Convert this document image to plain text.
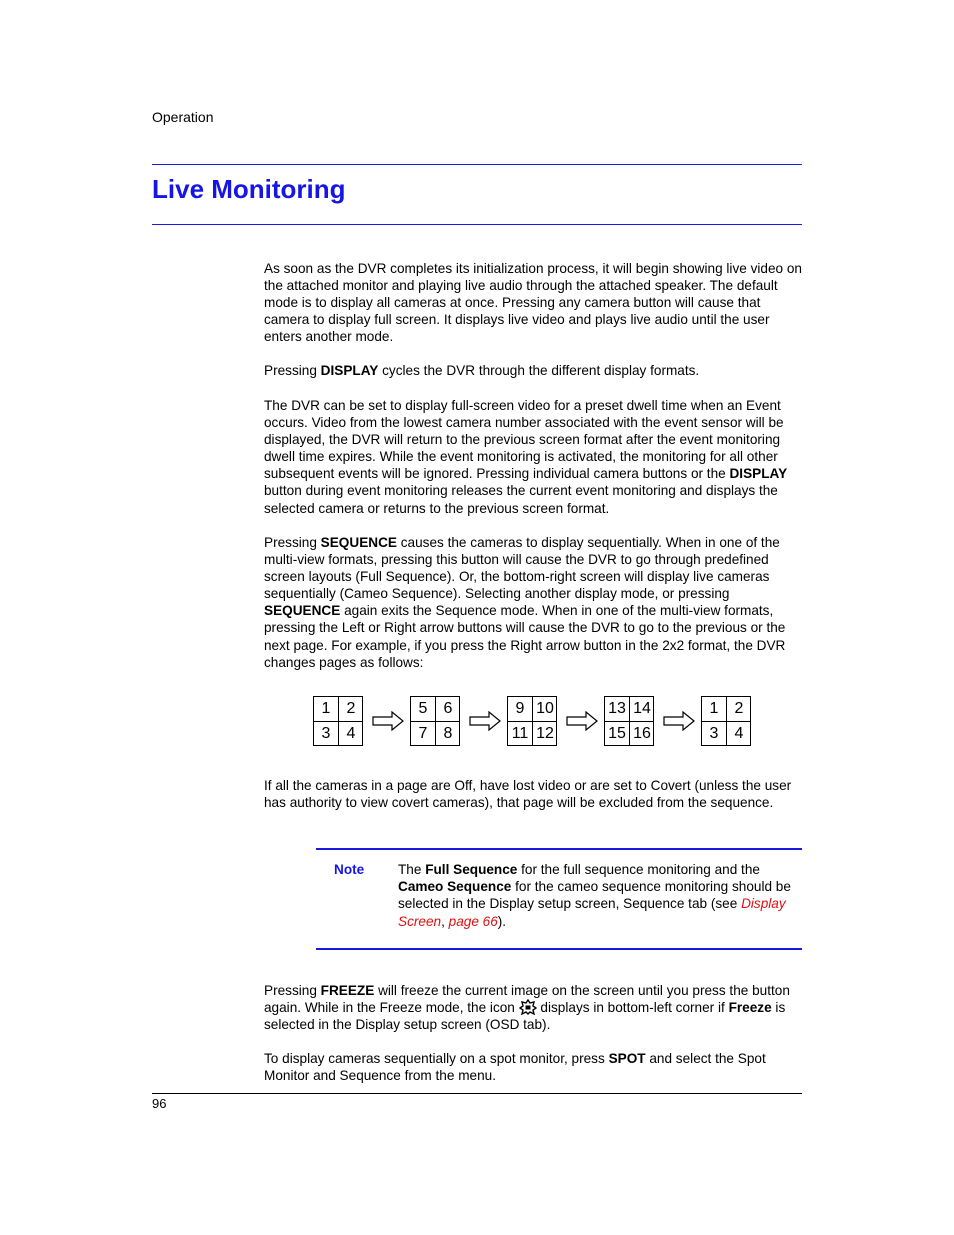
Operation
Live Monitoring

As soon as the DVR completes its initialization process, it will begin showing live video on the attached monitor and playing live audio through the attached speaker. The default mode is to display all cameras at once. Pressing any camera button will cause that camera to display full screen. It displays live video and plays live audio until the user enters another mode.

Pressing DISPLAY cycles the DVR through the different display formats.

The DVR can be set to display full-screen video for a preset dwell time when an Event occurs. Video from the lowest camera number associated with the event sensor will be displayed, the DVR will return to the previous screen format after the event monitoring dwell time expires. While the event monitoring is activated, the monitoring for all other subsequent events will be ignored. Pressing individual camera buttons or the DISPLAY button during event monitoring releases the current event monitoring and displays the selected camera or returns to the previous screen format.

Pressing SEQUENCE causes the cameras to display sequentially. When in one of the multi-view formats, pressing this button will cause the DVR to go through predefined screen layouts (Full Sequence). Or, the bottom-right screen will display live cameras sequentially (Cameo Sequence). Selecting another display mode, or pressing SEQUENCE again exits the Sequence mode. When in one of the multi-view formats, pressing the Left or Right arrow buttons will cause the DVR to go to the previous or the next page. For example, if you press the Right arrow button in the 2x2 format, the DVR changes pages as follows:

1	2
3	4
5	6
7	8
9 10
11 12
13 14
15 16
1	2
3	4

If all the cameras in a page are Off, have lost video or are set to Covert (unless the user has authority to view covert cameras), that page will be excluded from the sequence.

Note The Full Sequence for the full sequence monitoring and the Cameo Sequence for the cameo sequence monitoring should be selected in the Display setup screen, Sequence tab (see Display Screen, page 66).

Pressing FREEZE will freeze the current image on the screen until you press the button again. While in the Freeze mode, the icon  displays in bottom-left corner if Freeze is selected in the Display setup screen (OSD tab).

To display cameras sequentially on a spot monitor, press SPOT and select the Spot Monitor and Sequence from the menu.

96
